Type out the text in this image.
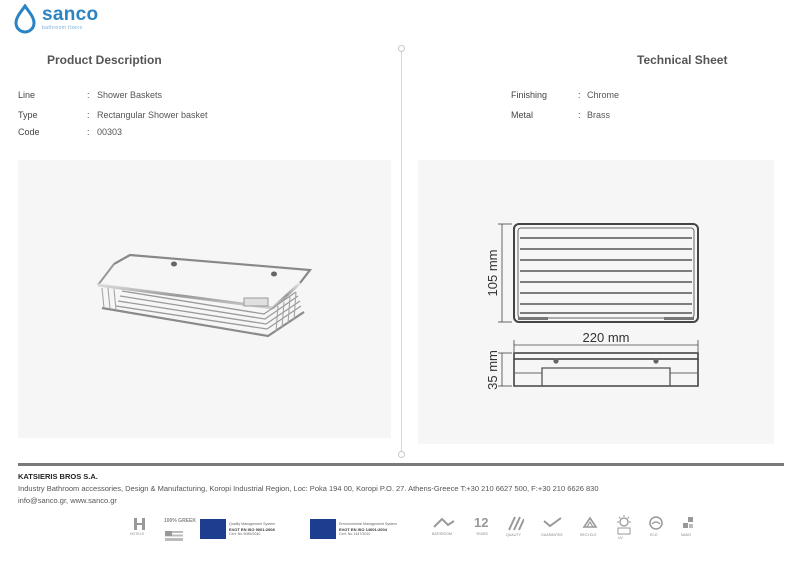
sanco
bathroom fixers
Product Description	Technical Sheet
Line	: Shower Baskets
Type	: Rectangular Shower basket
Code	: 00303
Finishing	: Chrome
Metal	: Brass
105 mm
220 mm
35 mm
KATSIERIS BROS S.A.
Industry Bathroom accessories, Design & Manufacturing, Koropi Industrial Region, Loc: Poka 194 00, Koropi P.O. 27. Athens-Greece T:+30 210 6627 500, F:+30 210 6626 830
info@sanco.gr, www.sanco.gr
HOTELS
100% GREEK	Quality Management System
ΕΛΟΤ EN ISO 9001:2008
Cert. No 9085/2040
Environmental Management System
ΕΛΟΤ EN ISO 14001:2004
Cert. No 1447/2010	BATHROOM
12
YEARS	QUALITY	GUARANTEE	RECYCLE
UV
ECO	NANO
